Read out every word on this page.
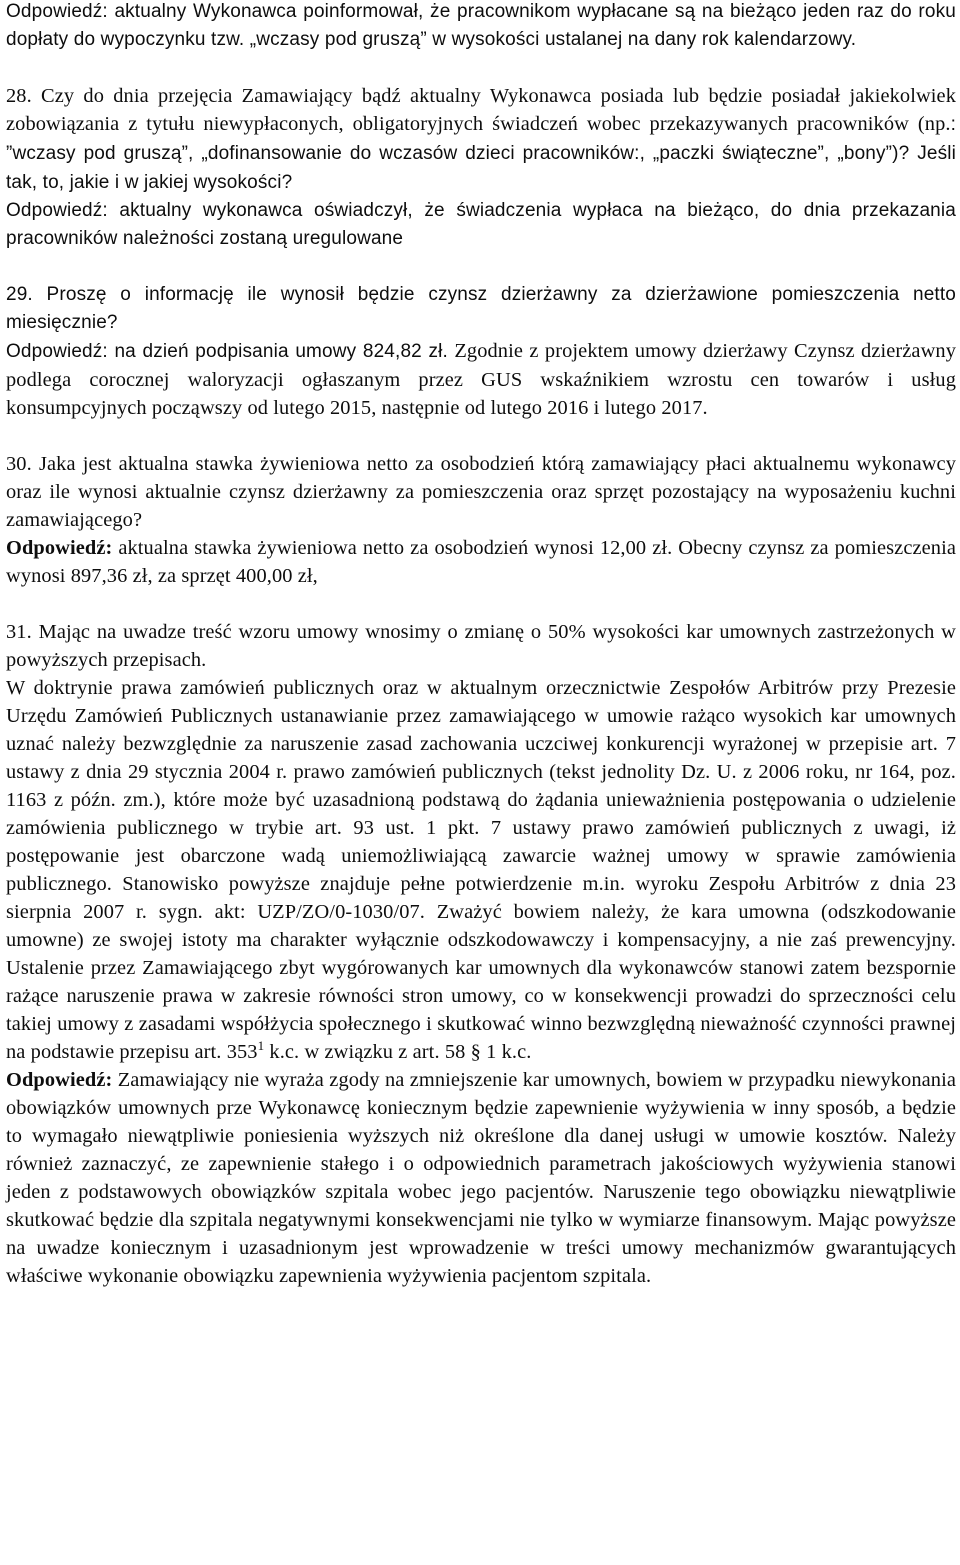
Odpowiedź: aktualny Wykonawca poinformował, że pracownikom wypłacane są na bieżąco jeden raz do roku dopłaty do wypoczynku tzw. „wczasy pod gruszą” w wysokości ustalanej na dany rok kalendarzowy.

28. Czy do dnia przejęcia Zamawiający bądź aktualny Wykonawca posiada lub będzie posiadał jakiekolwiek zobowiązania z tytułu niewypłaconych, obligatoryjnych świadczeń wobec przekazywanych pracowników (np.: ”wczasy pod gruszą”, „dofinansowanie do wczasów dzieci pracowników:, „paczki świąteczne”, „bony”)? Jeśli tak, to, jakie i w jakiej wysokości?

Odpowiedź: aktualny wykonawca oświadczył, że świadczenia wypłaca na bieżąco, do dnia przekazania pracowników należności zostaną uregulowane

29. Proszę o informację ile wynosił będzie czynsz dzierżawny za dzierżawione pomieszczenia netto miesięcznie?

Odpowiedź: na dzień podpisania umowy 824,82 zł. Zgodnie z projektem umowy dzierżawy Czynsz dzierżawny podlega corocznej waloryzacji ogłaszanym przez GUS wskaźnikiem wzrostu cen towarów i usług konsumpcyjnych począwszy od lutego 2015, następnie od lutego 2016 i lutego 2017.

30. Jaka jest aktualna stawka żywieniowa netto za osobodzień którą zamawiający płaci aktualnemu wykonawcy oraz ile wynosi aktualnie czynsz dzierżawny za pomieszczenia oraz sprzęt pozostający na wyposażeniu kuchni zamawiającego?

Odpowiedź: aktualna stawka żywieniowa netto za osobodzień wynosi 12,00 zł. Obecny czynsz za pomieszczenia wynosi 897,36 zł, za sprzęt 400,00 zł,

31. Mając na uwadze treść wzoru umowy wnosimy o zmianę o 50% wysokości kar umownych zastrzeżonych w powyższych przepisach.

W doktrynie prawa zamówień publicznych oraz w aktualnym orzecznictwie Zespołów Arbitrów przy Prezesie Urzędu Zamówień Publicznych ustanawianie przez zamawiającego w umowie rażąco wysokich kar umownych uznać należy bezwzględnie za naruszenie zasad zachowania uczciwej konkurencji wyrażonej w przepisie art. 7 ustawy z dnia 29 stycznia 2004 r. prawo zamówień publicznych (tekst jednolity Dz. U. z 2006 roku, nr 164, poz. 1163 z późn. zm.), które może być uzasadnioną podstawą do żądania unieważnienia postępowania o udzielenie zamówienia publicznego w trybie art. 93 ust. 1 pkt. 7 ustawy prawo zamówień publicznych z uwagi, iż postępowanie jest obarczone wadą uniemożliwiającą zawarcie ważnej umowy w sprawie zamówienia publicznego. Stanowisko powyższe znajduje pełne potwierdzenie m.in. wyroku Zespołu Arbitrów z dnia 23 sierpnia 2007 r. sygn. akt: UZP/ZO/0-1030/07. Zważyć bowiem należy, że kara umowna (odszkodowanie umowne) ze swojej istoty ma charakter wyłącznie odszkodowawczy i kompensacyjny, a nie zaś prewencyjny. Ustalenie przez Zamawiającego zbyt wygórowanych kar umownych dla wykonawców stanowi zatem bezspornie rażące naruszenie prawa w zakresie równości stron umowy, co w konsekwencji prowadzi do sprzeczności celu takiej umowy z zasadami współżycia społecznego i skutkować winno bezwzględną nieważność czynności prawnej na podstawie przepisu art. $353^1$ k.c. w związku z art. 58 § 1 k.c.

Odpowiedź: Zamawiający nie wyraża zgody na zmniejszenie kar umownych, bowiem w przypadku niewykonania obowiązków umownych prze Wykonawcę koniecznym będzie zapewnienie wyżywienia w inny sposób, a będzie to wymagało niewątpliwie poniesienia wyższych niż określone dla danej usługi w umowie kosztów. Należy również zaznaczyć, ze zapewnienie stałego i o odpowiednich parametrach jakościowych wyżywienia stanowi jeden z podstawowych obowiązków szpitala wobec jego pacjentów. Naruszenie tego obowiązku niewątpliwie skutkować będzie dla szpitala negatywnymi konsekwencjami nie tylko w wymiarze finansowym. Mając powyższe na uwadze koniecznym i uzasadnionym jest wprowadzenie w treści umowy mechanizmów gwarantujących właściwe wykonanie obowiązku zapewnienia wyżywienia pacjentom szpitala.
